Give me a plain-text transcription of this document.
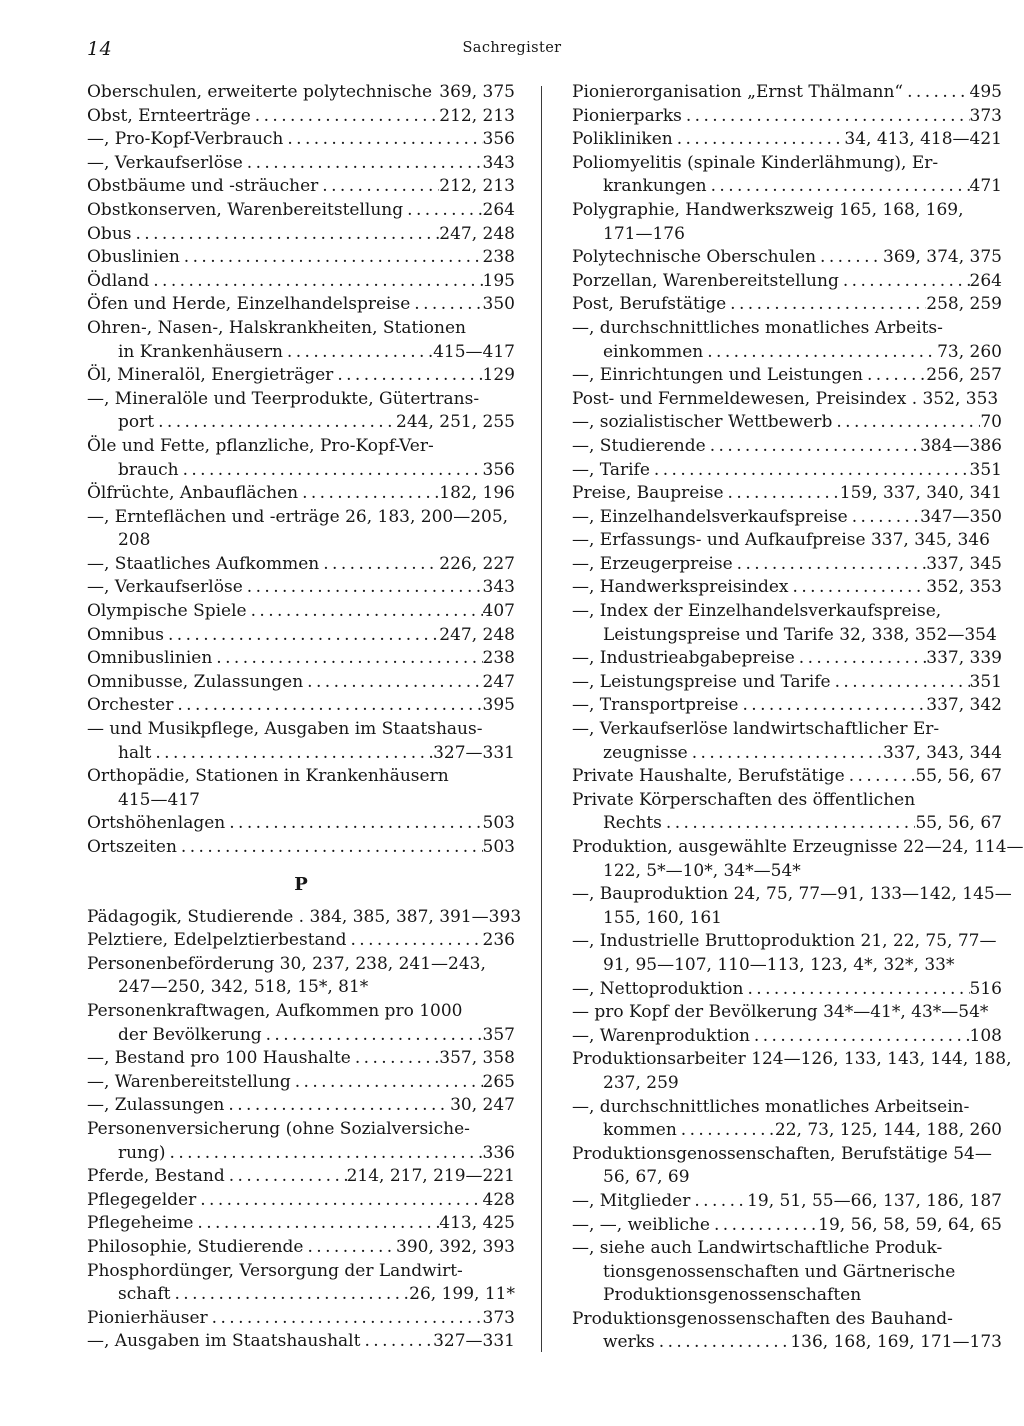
14	Sachregister
Oberschulen, erweiterte polytechnische 369, 375
Obst, Ernteerträge . . .	212, 213
—, Pro-Kopf-Verbrauch . . .	356
—, Verkaufserlöse . . .	343
Obstbäume und -sträucher . . .	212, 213
Obstkonserven, Warenbereitstellung . . .	264
Obus . . .	247, 248
Obuslinien . . .	238
Ödland . . .	195
Öfen und Herde, Einzelhandelspreise . . .	350
Ohren-, Nasen-, Halskrankheiten, Stationen
in Krankenhäusern . . .	415—417
Öl, Mineralöl, Energieträger . . .	129
—, Mineralöle und Teerprodukte, Gütertrans-
port . . .	244, 251, 255
Öle und Fette, pflanzliche, Pro-Kopf-Ver-
brauch . . .	356
Ölfrüchte, Anbauflächen . . .	182, 196
—, Ernteflächen und -erträge 26, 183, 200—205,
208
—, Staatliches Aufkommen . . .	226, 227
—, Verkaufserlöse . . .	343
Olympische Spiele . . .	407
Omnibus . . .	247, 248
Omnibuslinien . . .	238
Omnibusse, Zulassungen . . .	247
Orchester . . .	395
— und Musikpflege, Ausgaben im Staatshaus-
halt . . .	327—331
Orthopädie, Stationen in Krankenhäusern
415—417
Ortshöhenlagen . . .	503
Ortszeiten . . .	503
P
Pädagogik, Studierende . 384, 385, 387, 391—393
Pelztiere, Edelpelztierbestand . . .	236
Personenbeförderung 30, 237, 238, 241—243,
247—250, 342, 518, 15*, 81*
Personenkraftwagen, Aufkommen pro 1000
der Bevölkerung . . .	357
—, Bestand pro 100 Haushalte . . .	357, 358
—, Warenbereitstellung . . .	265
—, Zulassungen . . .	30, 247
Personenversicherung (ohne Sozialversiche-
rung) . . .	336
Pferde, Bestand . . .	214, 217, 219—221
Pflegegelder . . .	428
Pflegeheime . . .	413, 425
Philosophie, Studierende . . .	390, 392, 393
Phosphordünger, Versorgung der Landwirt-
schaft . . .	26, 199, 11*
Pionierhäuser . . .	373
—, Ausgaben im Staatshaushalt . . .	327—331
Pionierorganisation „Ernst Thälmann“ . . .	495
Pionierparks . . .	373
Polikliniken . . .	34, 413, 418—421
Poliomyelitis (spinale Kinderlähmung), Er-
krankungen . . .	471
Polygraphie, Handwerkszweig 165, 168, 169,
171—176
Polytechnische Oberschulen . . .	369, 374, 375
Porzellan, Warenbereitstellung . . .	264
Post, Berufstätige . . .	258, 259
—, durchschnittliches monatliches Arbeits-
einkommen . . .	73, 260
—, Einrichtungen und Leistungen . . .	256, 257
Post- und Fernmeldewesen, Preisindex . 352, 353
—, sozialistischer Wettbewerb . . .	70
—, Studierende . . .	384—386
—, Tarife . . .	351
Preise, Baupreise . . .	159, 337, 340, 341
—, Einzelhandelsverkaufspreise . . .	347—350
—, Erfassungs- und Aufkaufpreise 337, 345, 346
—, Erzeugerpreise . . .	337, 345
—, Handwerkspreisindex . . .	352, 353
—, Index der Einzelhandelsverkaufspreise,
Leistungspreise und Tarife 32, 338, 352—354
—, Industrieabgabepreise . . .	337, 339
—, Leistungspreise und Tarife . . .	351
—, Transportpreise . . .	337, 342
—, Verkaufserlöse landwirtschaftlicher Er-
zeugnisse . . .	337, 343, 344
Private Haushalte, Berufstätige . . .	55, 56, 67
Private Körperschaften des öffentlichen
Rechts . . .	55, 56, 67
Produktion, ausgewählte Erzeugnisse 22—24, 114—
122, 5*—10*, 34*—54*
—, Bauproduktion 24, 75, 77—91, 133—142, 145—
155, 160, 161
—, Industrielle Bruttoproduktion 21, 22, 75, 77—
91, 95—107, 110—113, 123, 4*, 32*, 33*
—, Nettoproduktion . . .	516
— pro Kopf der Bevölkerung 34*—41*, 43*—54*
—, Warenproduktion . . .	108
Produktionsarbeiter 124—126, 133, 143, 144, 188,
237, 259
—, durchschnittliches monatliches Arbeitsein-
kommen . . .	22, 73, 125, 144, 188, 260
Produktionsgenossenschaften, Berufstätige 54—
56, 67, 69
—, Mitglieder . . .	19, 51, 55—66, 137, 186, 187
—, —, weibliche . . .	19, 56, 58, 59, 64, 65
—, siehe auch Landwirtschaftliche Produk-
tionsgenossenschaften und Gärtnerische
Produktionsgenossenschaften
Produktionsgenossenschaften des Bauhand-
werks . . .	136, 168, 169, 171—173
